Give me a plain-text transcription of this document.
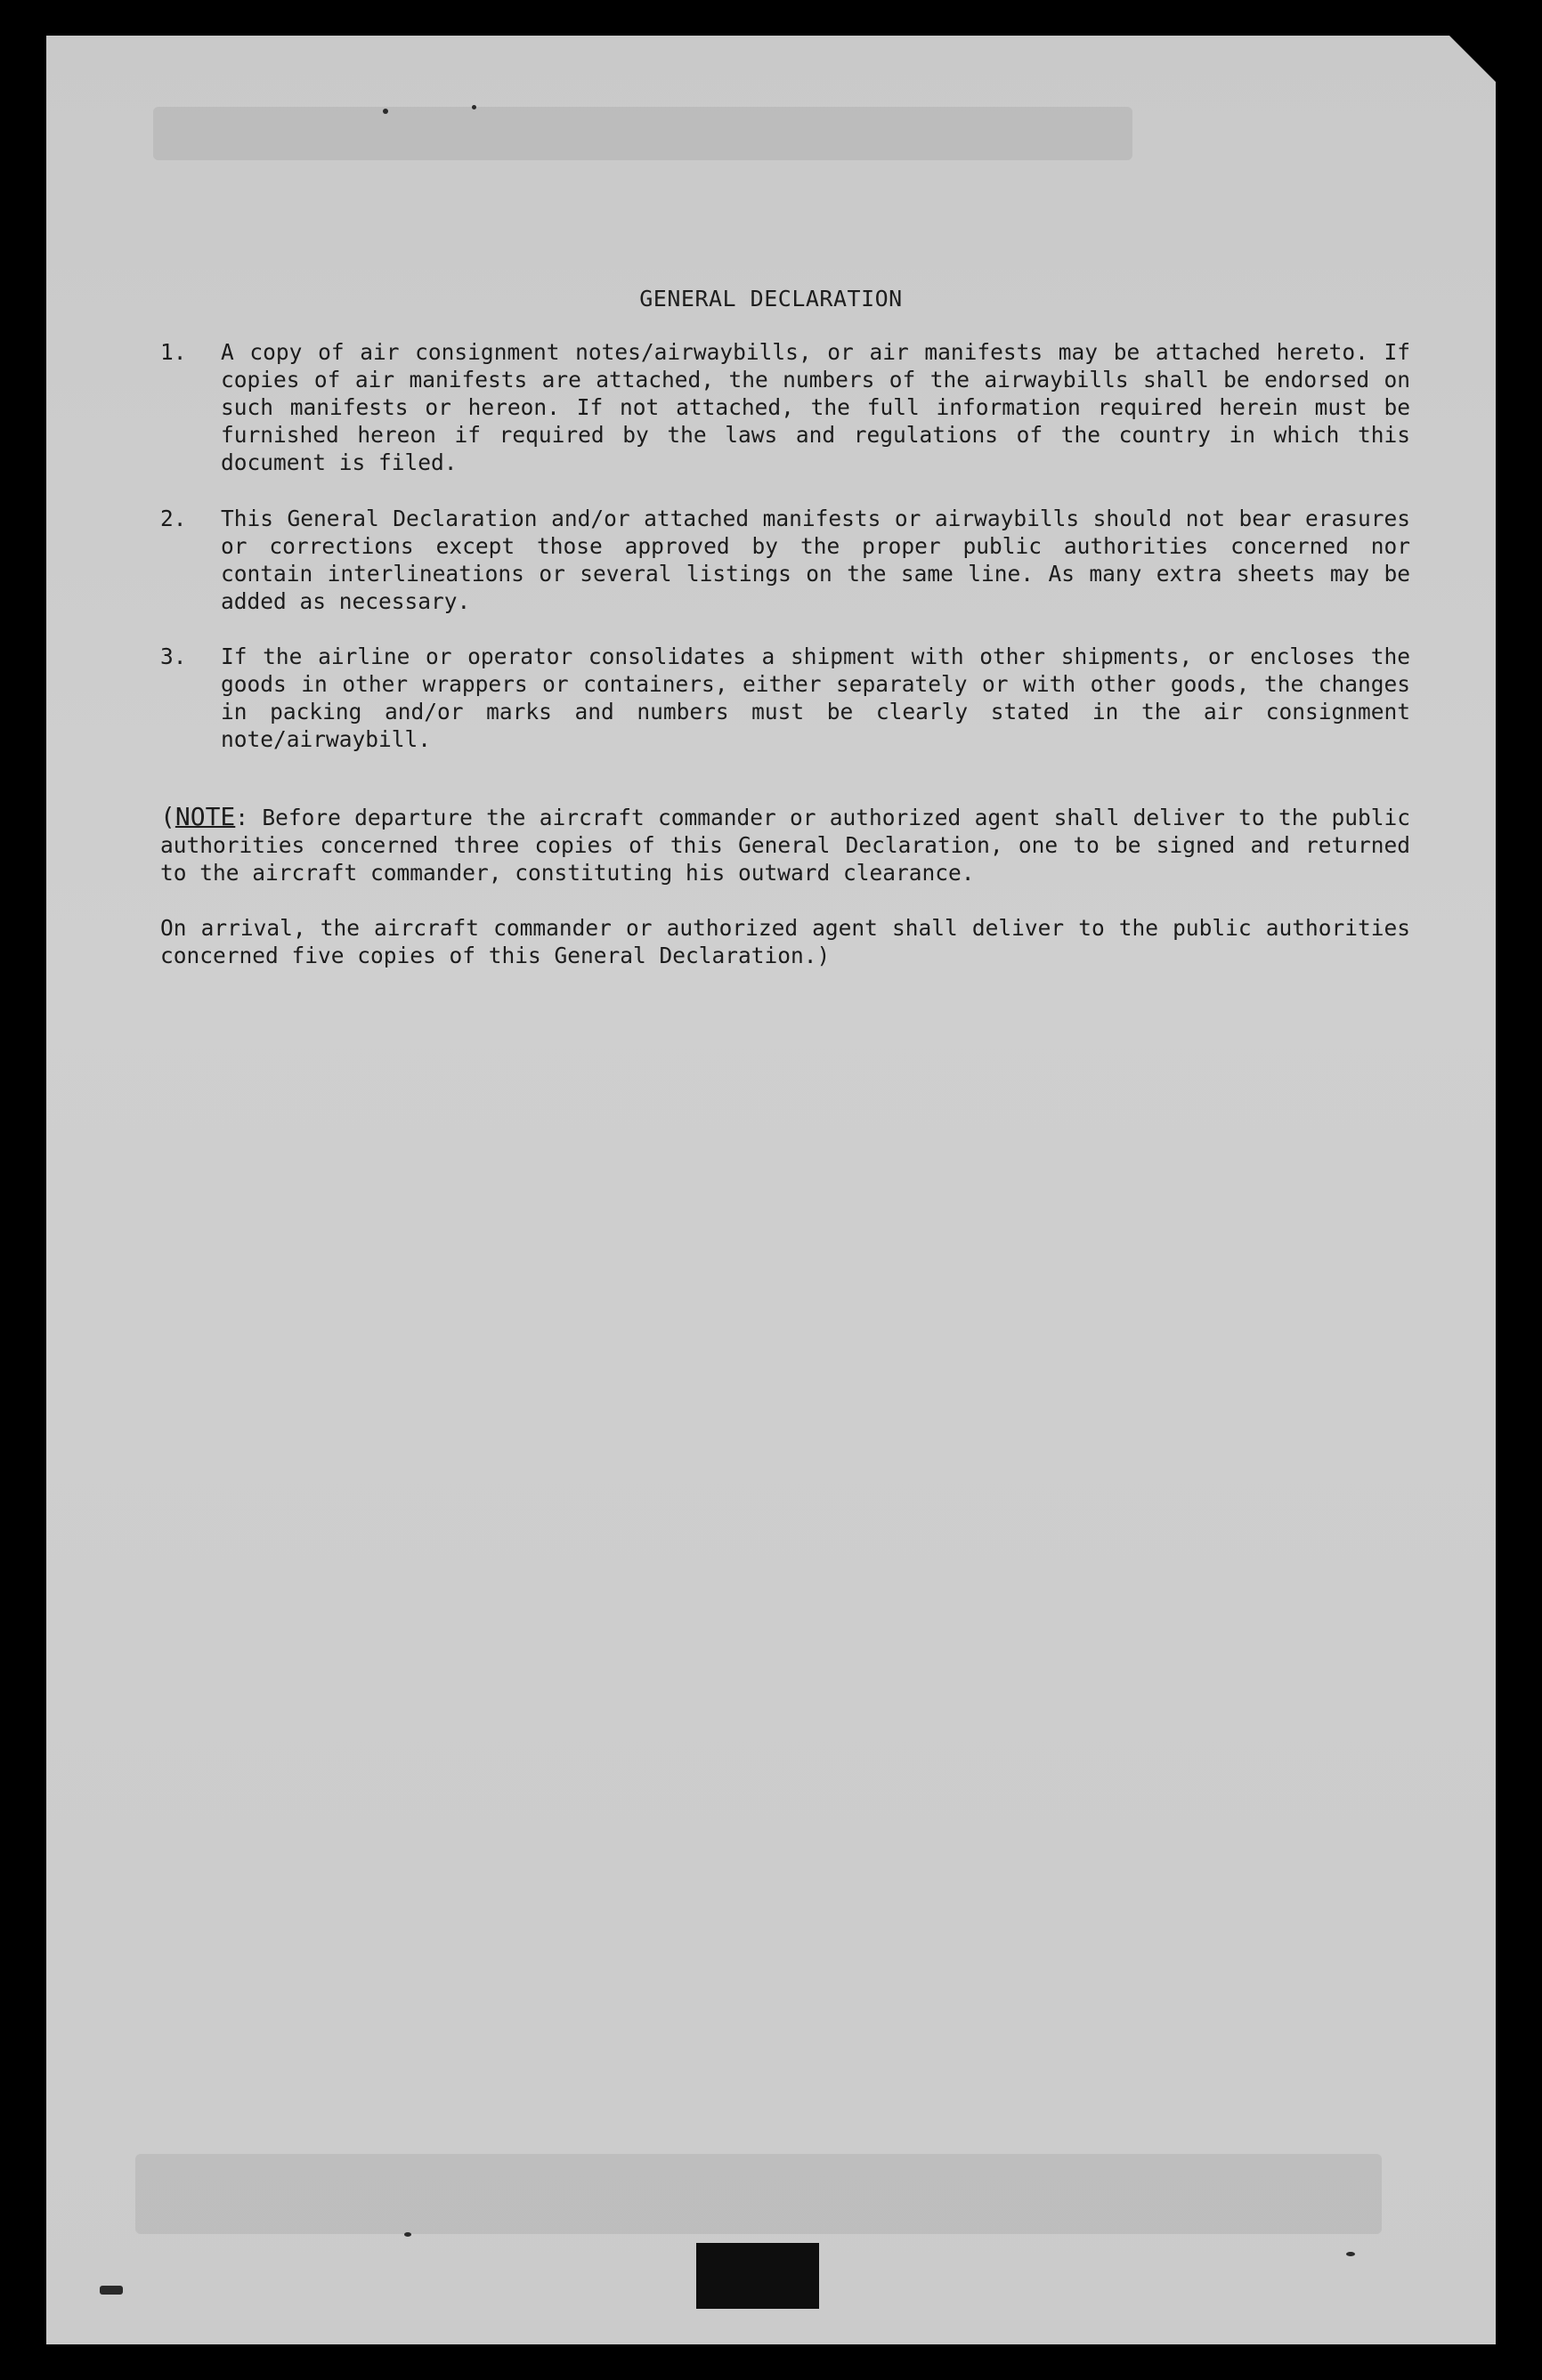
GENERAL DECLARATION
1. A copy of air consignment notes/airwaybills, or air manifests may be attached hereto. If copies of air manifests are attached, the numbers of the airwaybills shall be endorsed on such manifests or hereon. If not attached, the full information required herein must be furnished hereon if required by the laws and regulations of the country in which this document is filed.
2. This General Declaration and/or attached manifests or airwaybills should not bear erasures or corrections except those approved by the proper public authorities concerned nor contain interlineations or several listings on the same line. As many extra sheets may be added as necessary.
3. If the airline or operator consolidates a shipment with other shipments, or encloses the goods in other wrappers or containers, either separately or with other goods, the changes in packing and/or marks and numbers must be clearly stated in the air consignment note/airwaybill.
(NOTE: Before departure the aircraft commander or authorized agent shall deliver to the public authorities concerned three copies of this General Declaration, one to be signed and returned to the aircraft commander, constituting his outward clearance.
On arrival, the aircraft commander or authorized agent shall deliver to the public authorities concerned five copies of this General Declaration.)
